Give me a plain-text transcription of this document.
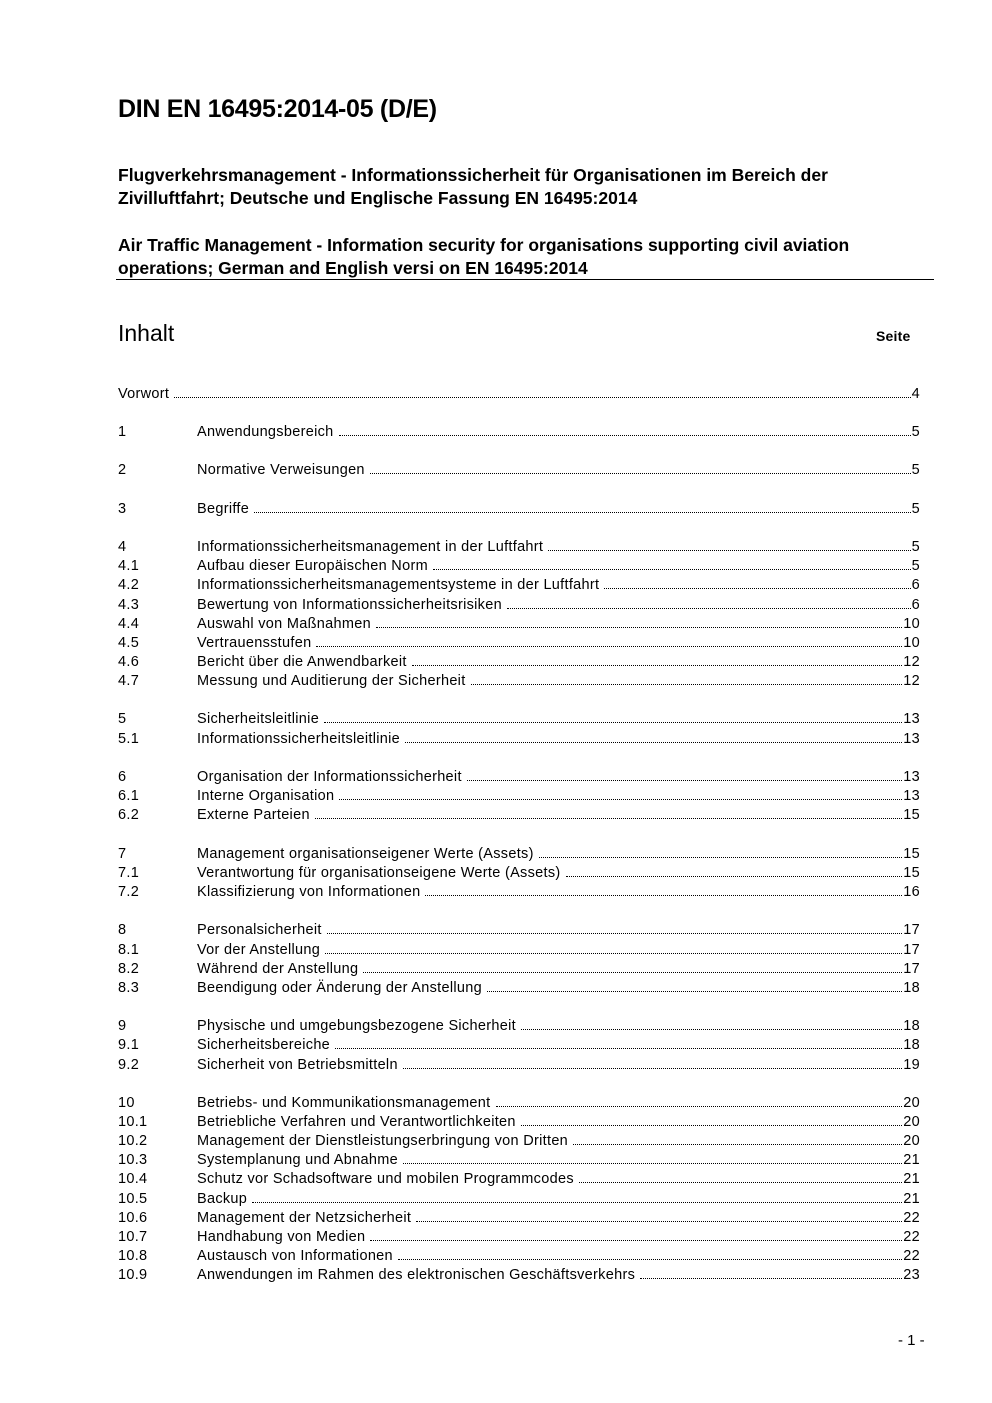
DIN EN 16495:2014-05 (D/E)

Flugverkehrsmanagement - Informationssicherheit für Organisationen im Bereich der Zivilluftfahrt; Deutsche und Englische Fassung EN 16495:2014

Air Traffic Management - Information security for organisations supporting civil aviation operations; German and English versi on EN 16495:2014

Inhalt	Seite
Vorwort	4
1	Anwendungsbereich	5
2	Normative Verweisungen	5
3	Begriffe	5
4	Informationssicherheitsmanagement in der Luftfahrt	5
4.1	Aufbau dieser Europäischen Norm	5
4.2	Informationssicherheitsmanagementsysteme in der Luftfahrt	6
4.3	Bewertung von Informationssicherheitsrisiken	6
4.4	Auswahl von Maßnahmen	10
4.5	Vertrauensstufen	10
4.6	Bericht über die Anwendbarkeit	12
4.7	Messung und Auditierung der Sicherheit	12
5	Sicherheitsleitlinie	13
5.1	Informationssicherheitsleitlinie	13
6	Organisation der Informationssicherheit	13
6.1	Interne Organisation	13
6.2	Externe Parteien	15
7	Management organisationseigener Werte (Assets)	15
7.1	Verantwortung für organisationseigene Werte (Assets)	15
7.2	Klassifizierung von Informationen	16
8	Personalsicherheit	17
8.1	Vor der Anstellung	17
8.2	Während der Anstellung	17
8.3	Beendigung oder Änderung der Anstellung	18
9	Physische und umgebungsbezogene Sicherheit	18
9.1	Sicherheitsbereiche	18
9.2	Sicherheit von Betriebsmitteln	19
10	Betriebs- und Kommunikationsmanagement	20
10.1	Betriebliche Verfahren und Verantwortlichkeiten	20
10.2	Management der Dienstleistungserbringung von Dritten	20
10.3	Systemplanung und Abnahme	21
10.4	Schutz vor Schadsoftware und mobilen Programmcodes	21
10.5	Backup	21
10.6	Management der Netzsicherheit	22
10.7	Handhabung von Medien	22
10.8	Austausch von Informationen	22
10.9	Anwendungen im Rahmen des elektronischen Geschäftsverkehrs	23
- 1 -
